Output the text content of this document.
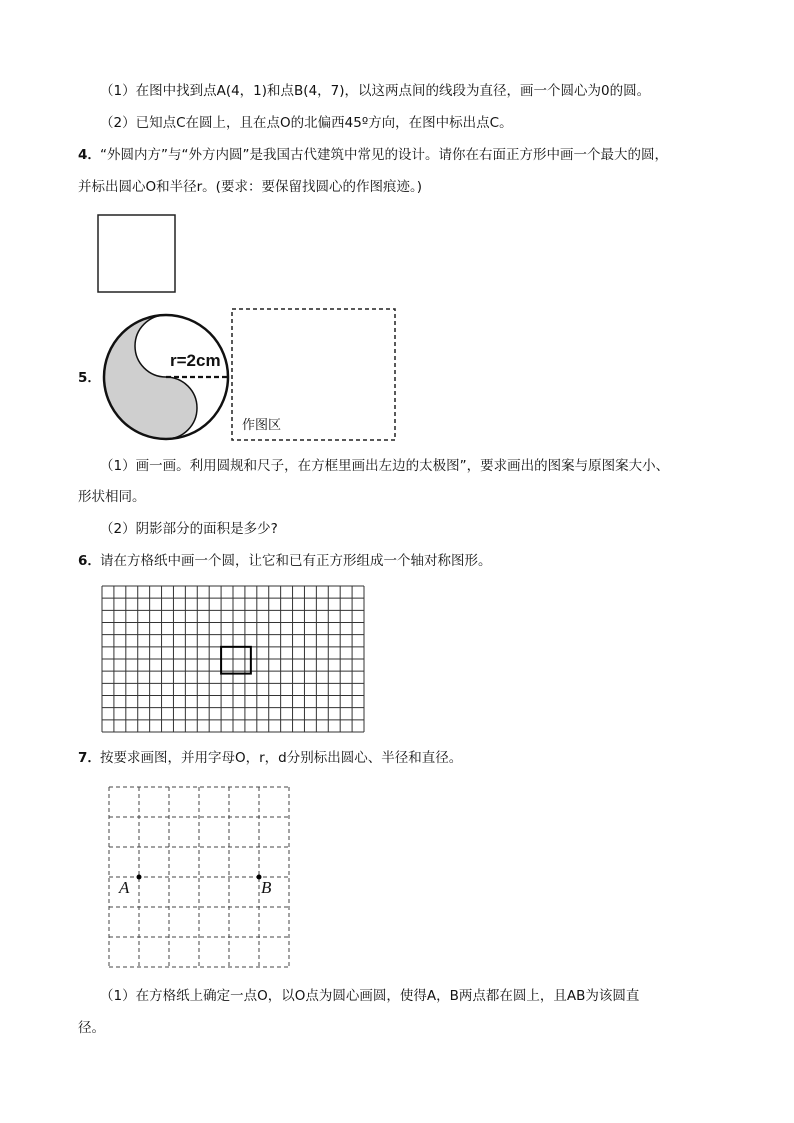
（1）在图中找到点A(4，1)和点B(4，7)，以这两点间的线段为直径，画一个圆心为0的圆。
（2）已知点C在圆上，且在点O的北偏西45º方向，在图中标出点C。
4． “外圆内方”与“外方内圆”是我国古代建筑中常见的设计。请你在右面正方形中画一个最大的圆，
并标出圆心O和半径r。(要求：要保留找圆心的作图痕迹。)
5．
r=2cm
作图区
（1）画一画。利用圆规和尺子，在方框里画出左边的太极图”，要求画出的图案与原图案大小、
形状相同。
（2）阴影部分的面积是多少?
6． 请在方格纸中画一个圆，让它和已有正方形组成一个轴对称图形。
7． 按要求画图，并用字母O，r，d分别标出圆心、半径和直径。
A	B
（1）在方格纸上确定一点O，以O点为圆心画圆，使得A，B两点都在圆上，且AB为该圆直
径。
